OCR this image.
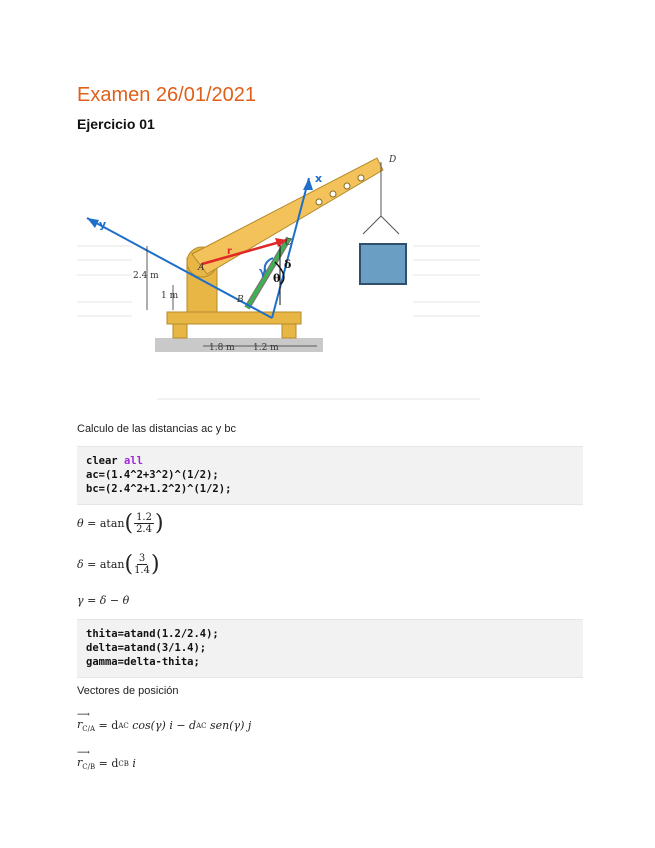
Examen 26/01/2021
Ejercicio 01
D
C
A
B
2.4 m
1 m
1.8 m 1.2 m
x
y
γ
r
r
δ
θ
Calculo de las distancias ac y bc
clear all
ac=(1.4^2+3^2)^(1/2);
bc=(2.4^2+1.2^2)^(1/2);
θ
=
atan ( $\frac{1.2}{2.4}$ )
δ
=
atan ( $\frac{3}{1.4}$ )
γ = δ − θ
thita=atand(1.2/2.4);
delta=atand(3/1.4);
gamma=delta-thita;
Vectores de posición
⟶
$r_{C/A}$
= d AC
cos(γ) i − d AC
sen(γ) j
⟶
$r_{C/B}$
= d CB
i
